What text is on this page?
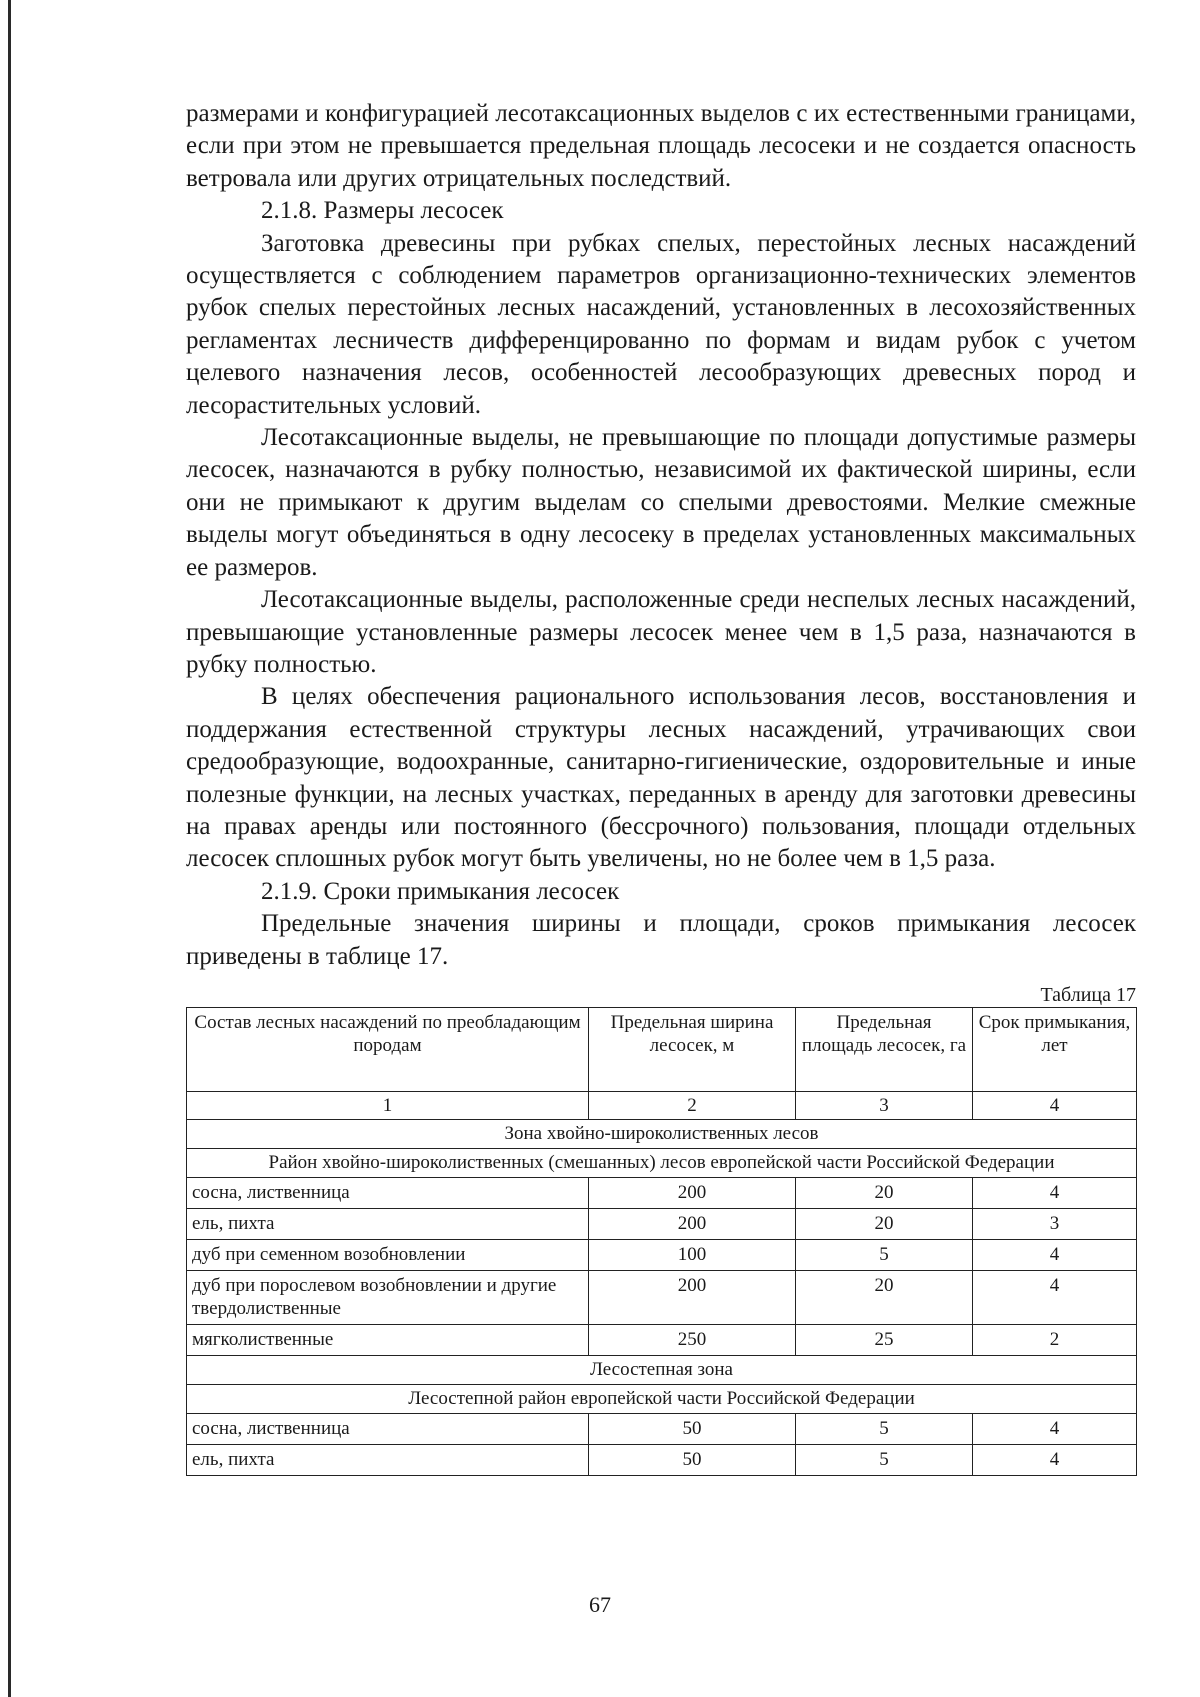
размерами и конфигурацией лесотаксационных выделов с их естественными границами, если при этом не превышается предельная площадь лесосеки и не создается опасность ветровала или других отрицательных последствий.

2.1.8. Размеры лесосек

Заготовка древесины при рубках спелых, перестойных лесных насаждений осуществляется с соблюдением параметров организационно-технических элементов рубок спелых перестойных лесных насаждений, установленных в лесохозяйственных регламентах лесничеств дифференцированно по формам и видам рубок с учетом целевого назначения лесов, особенностей лесообразующих древесных пород и лесорастительных условий.

Лесотаксационные выделы, не превышающие по площади допустимые размеры лесосек, назначаются в рубку полностью, независимой их фактической ширины, если они не примыкают к другим выделам со спелыми древостоями. Мелкие смежные выделы могут объединяться в одну лесосеку в пределах установленных максимальных ее размеров.

Лесотаксационные выделы, расположенные среди неспелых лесных насаждений, превышающие установленные размеры лесосек менее чем в 1,5 раза, назначаются в рубку полностью.

В целях обеспечения рационального использования лесов, восстановления и поддержания естественной структуры лесных насаждений, утрачивающих свои средообразующие, водоохранные, санитарно-гигиенические, оздоровительные и иные полезные функции, на лесных участках, переданных в аренду для заготовки древесины на правах аренды или постоянного (бессрочного) пользования, площади отдельных лесосек сплошных рубок могут быть увеличены, но не более чем в 1,5 раза.

2.1.9. Сроки примыкания лесосек

Предельные значения ширины и площади, сроков примыкания лесосек приведены в таблице 17.

Таблица 17
Состав лесных насаждений по преобладающим породам	Предельная ширина лесосек, м	Предельная площадь лесосек, га	Срок примыкания, лет
1	2	3	4
Зона хвойно-широколиственных лесов			
Район хвойно-широколиственных (смешанных) лесов европейской части Российской Федерации			
сосна, лиственница	200	20	4
ель, пихта	200	20	3
дуб при семенном возобновлении	100	5	4
дуб при порослевом возобновлении и другие твердолиственные	200	20	4
мягколиственные	250	25	2
Лесостепная зона			
Лесостепной район европейской части Российской Федерации			
сосна, лиственница	50	5	4
ель, пихта	50	5	4
67
